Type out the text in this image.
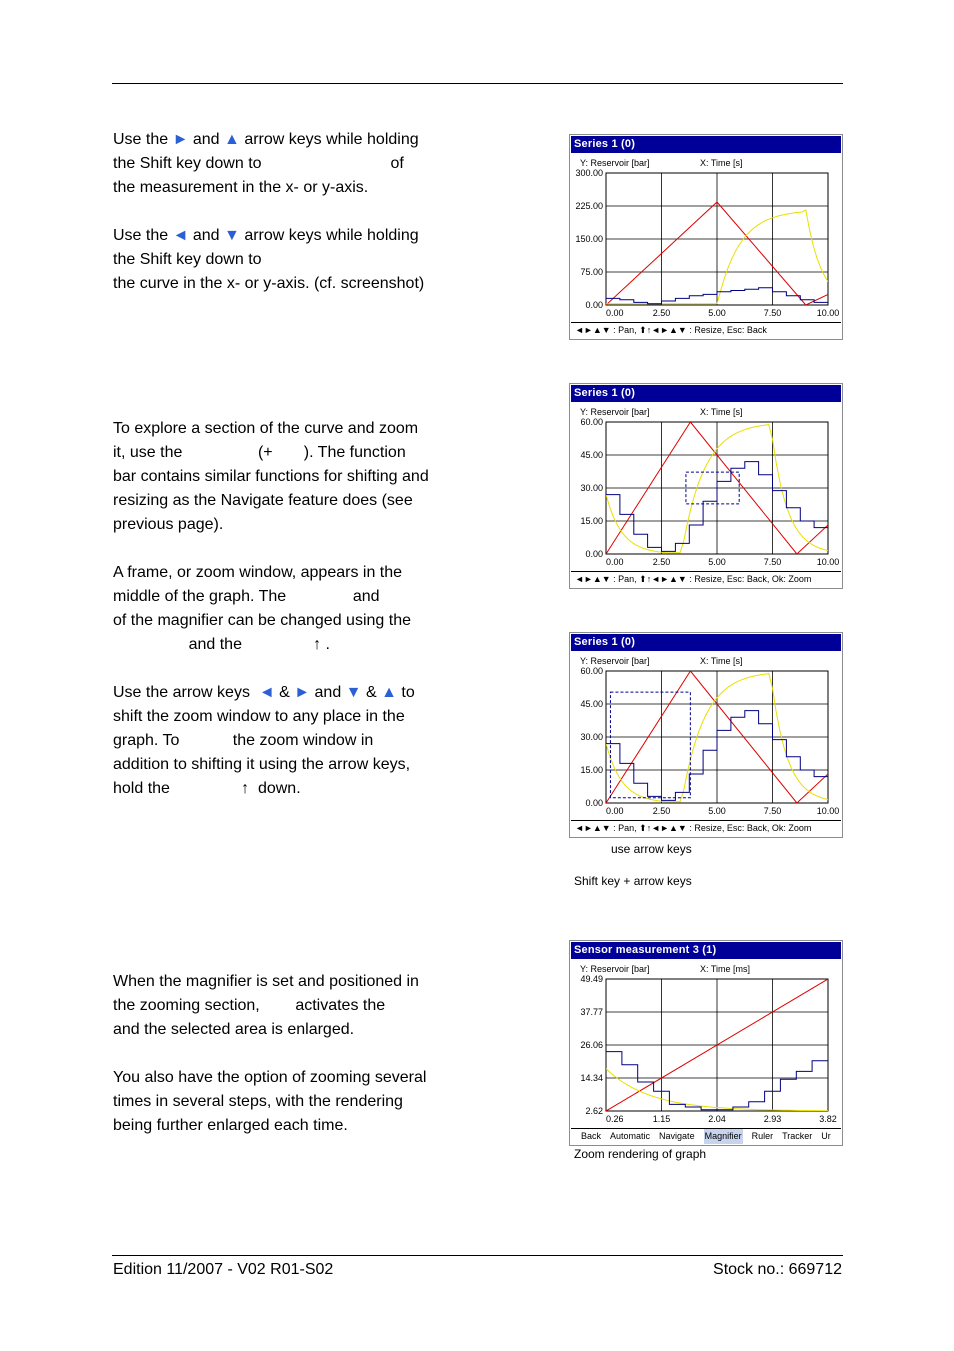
Use the ► and ▲ arrow keys while holding
the Shift key down to                             of
the measurement in the x- or y-axis.
Use the ◄ and ▼ arrow keys while holding
the Shift key down to
the curve in the x- or y-axis. (cf. screenshot)
To explore a section of the curve and zoom
it, use the                 (+       ). The function
bar contains similar functions for shifting and
resizing as the Navigate feature does (see
previous page).
A frame, or zoom window, appears in the
middle of the graph. The               and
of the magnifier can be changed using the
and the                ↑ .
Use the arrow keys  ◄ & ► and ▼ & ▲ to
shift the zoom window to any place in the
graph. To            the zoom window in
addition to shifting it using the arrow keys,
hold the                ↑  down.
When the magnifier is set and positioned in
the zooming section,        activates the
and the selected area is enlarged.
You also have the option of zooming several
times in several steps, with the rendering
being further enlarged each time.
Series 1 (0)
Y: Reservoir [bar]	X: Time [s]
300.00
225.00
150.00
75.00
0.00
0.00	2.50	5.00	7.50	10.00
◄►▲▼ : Pan, ⬆↑◄►▲▼ : Resize, Esc: Back
Series 1 (0)
Y: Reservoir [bar]	X: Time [s]
60.00
45.00
30.00
15.00
0.00
0.00	2.50	5.00	7.50	10.00
◄►▲▼ : Pan, ⬆↑◄►▲▼ : Resize, Esc: Back, Ok: Zoom
Series 1 (0)
Y: Reservoir [bar]	X: Time [s]
60.00
45.00
30.00
15.00
0.00
0.00	2.50	5.00	7.50	10.00
◄►▲▼ : Pan, ⬆↑◄►▲▼ : Resize, Esc: Back, Ok: Zoom
use arrow keys
Shift key + arrow keys
Sensor measurement 3 (1)
Y: Reservoir [bar]	X: Time [ms]
49.49
37.77
26.06
14.34
2.62
0.26	1.15	2.04	2.93	3.82
Back Automatic Navigate Magnifier Ruler Tracker Ur
Zoom rendering of graph
Edition 11/2007 - V02 R01-S02	Stock no.: 669712
